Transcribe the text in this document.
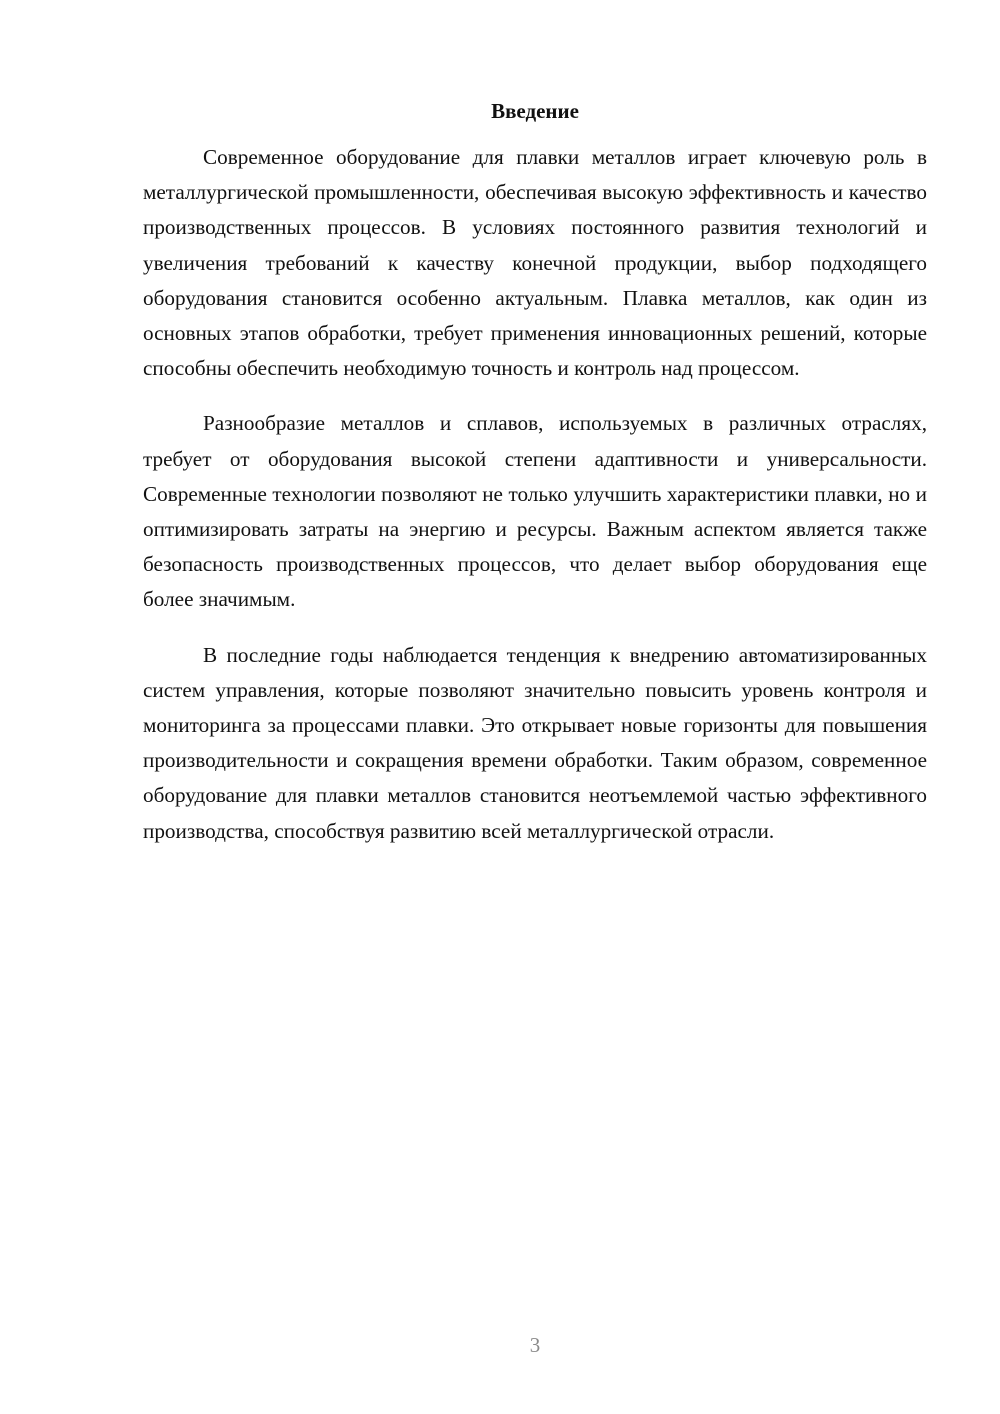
Введение

Современное оборудование для плавки металлов играет ключевую роль в металлургической промышленности, обеспечивая высокую эффективность и качество производственных процессов. В условиях постоянного развития технологий и увеличения требований к качеству конечной продукции, выбор подходящего оборудования становится особенно актуальным. Плавка металлов, как один из основных этапов обработки, требует применения инновационных решений, которые способны обеспечить необходимую точность и контроль над процессом.

Разнообразие металлов и сплавов, используемых в различных отраслях, требует от оборудования высокой степени адаптивности и универсальности. Современные технологии позволяют не только улучшить характеристики плавки, но и оптимизировать затраты на энергию и ресурсы. Важным аспектом является также безопасность производственных процессов, что делает выбор оборудования еще более значимым.

В последние годы наблюдается тенденция к внедрению автоматизированных систем управления, которые позволяют значительно повысить уровень контроля и мониторинга за процессами плавки. Это открывает новые горизонты для повышения производительности и сокращения времени обработки. Таким образом, современное оборудование для плавки металлов становится неотъемлемой частью эффективного производства, способствуя развитию всей металлургической отрасли.

3
